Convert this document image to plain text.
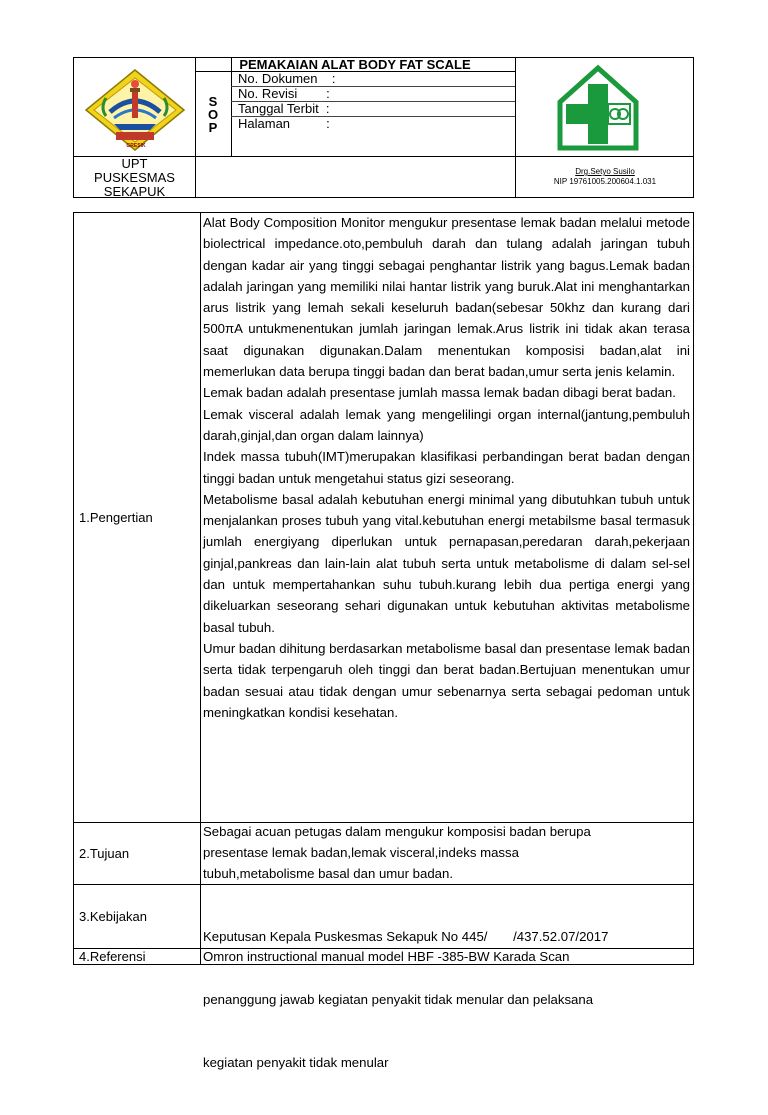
GRESIK
PEMAKAIAN ALAT BODY FAT SCALE
S
O
P
No. Dokumen    :
No. Revisi        :
Tanggal Terbit  :
Halaman          :
UPT
PUSKESMAS
SEKAPUK
Drg.Setyo Susilo
NIP 19761005.200604.1.031
1.Pengertian

Alat Body Composition Monitor mengukur presentase lemak badan melalui metode biolectrical impedance.oto,pembuluh darah dan tulang adalah jaringan tubuh dengan kadar air yang tinggi sebagai penghantar listrik yang bagus.Lemak badan adalah jaringan yang memiliki nilai hantar listrik yang buruk.Alat ini menghantarkan arus listrik yang lemah sekali keseluruh badan(sebesar 50khz dan kurang dari 500πA untukmenentukan jumlah jaringan lemak.Arus listrik ini tidak akan terasa saat digunakan digunakan.Dalam menentukan komposisi badan,alat ini memerlukan data berupa tinggi badan dan berat badan,umur serta jenis kelamin.

Lemak badan adalah presentase jumlah massa lemak badan dibagi berat badan.

Lemak visceral adalah lemak yang mengelilingi organ internal(jantung,pembuluh darah,ginjal,dan organ dalam lainnya)

Indek massa tubuh(IMT)merupakan klasifikasi perbandingan berat badan dengan tinggi badan untuk mengetahui status gizi seseorang.

Metabolisme basal adalah kebutuhan energi minimal yang dibutuhkan tubuh untuk menjalankan proses tubuh yang vital.kebutuhan energi metabilsme basal termasuk jumlah energiyang diperlukan untuk pernapasan,peredaran darah,pekerjaan ginjal,pankreas dan lain-lain alat tubuh serta untuk metabolisme di dalam sel-sel dan untuk mempertahankan suhu tubuh.kurang lebih dua pertiga energi yang dikeluarkan seseorang sehari digunakan untuk kebutuhan aktivitas metabolisme basal tubuh.

Umur badan dihitung berdasarkan metabolisme basal dan presentase lemak badan serta tidak terpengaruh oleh tinggi dan berat badan.Bertujuan menentukan umur badan sesuai atau tidak dengan umur sebenarnya serta sebagai pedoman untuk meningkatkan kondisi kesehatan.

2.Tujuan

Sebagai acuan petugas dalam mengukur komposisi badan berupa

presentase lemak badan,lemak visceral,indeks massa

tubuh,metabolisme basal dan umur badan.

3.Kebijakan

Keputusan Kepala Puskesmas Sekapuk No 445/       /437.52.07/2017

penanggung jawab kegiatan penyakit tidak menular dan pelaksana

kegiatan penyakit tidak menular

4.Referensi	Omron instructional manual model HBF -385-BW Karada Scan
